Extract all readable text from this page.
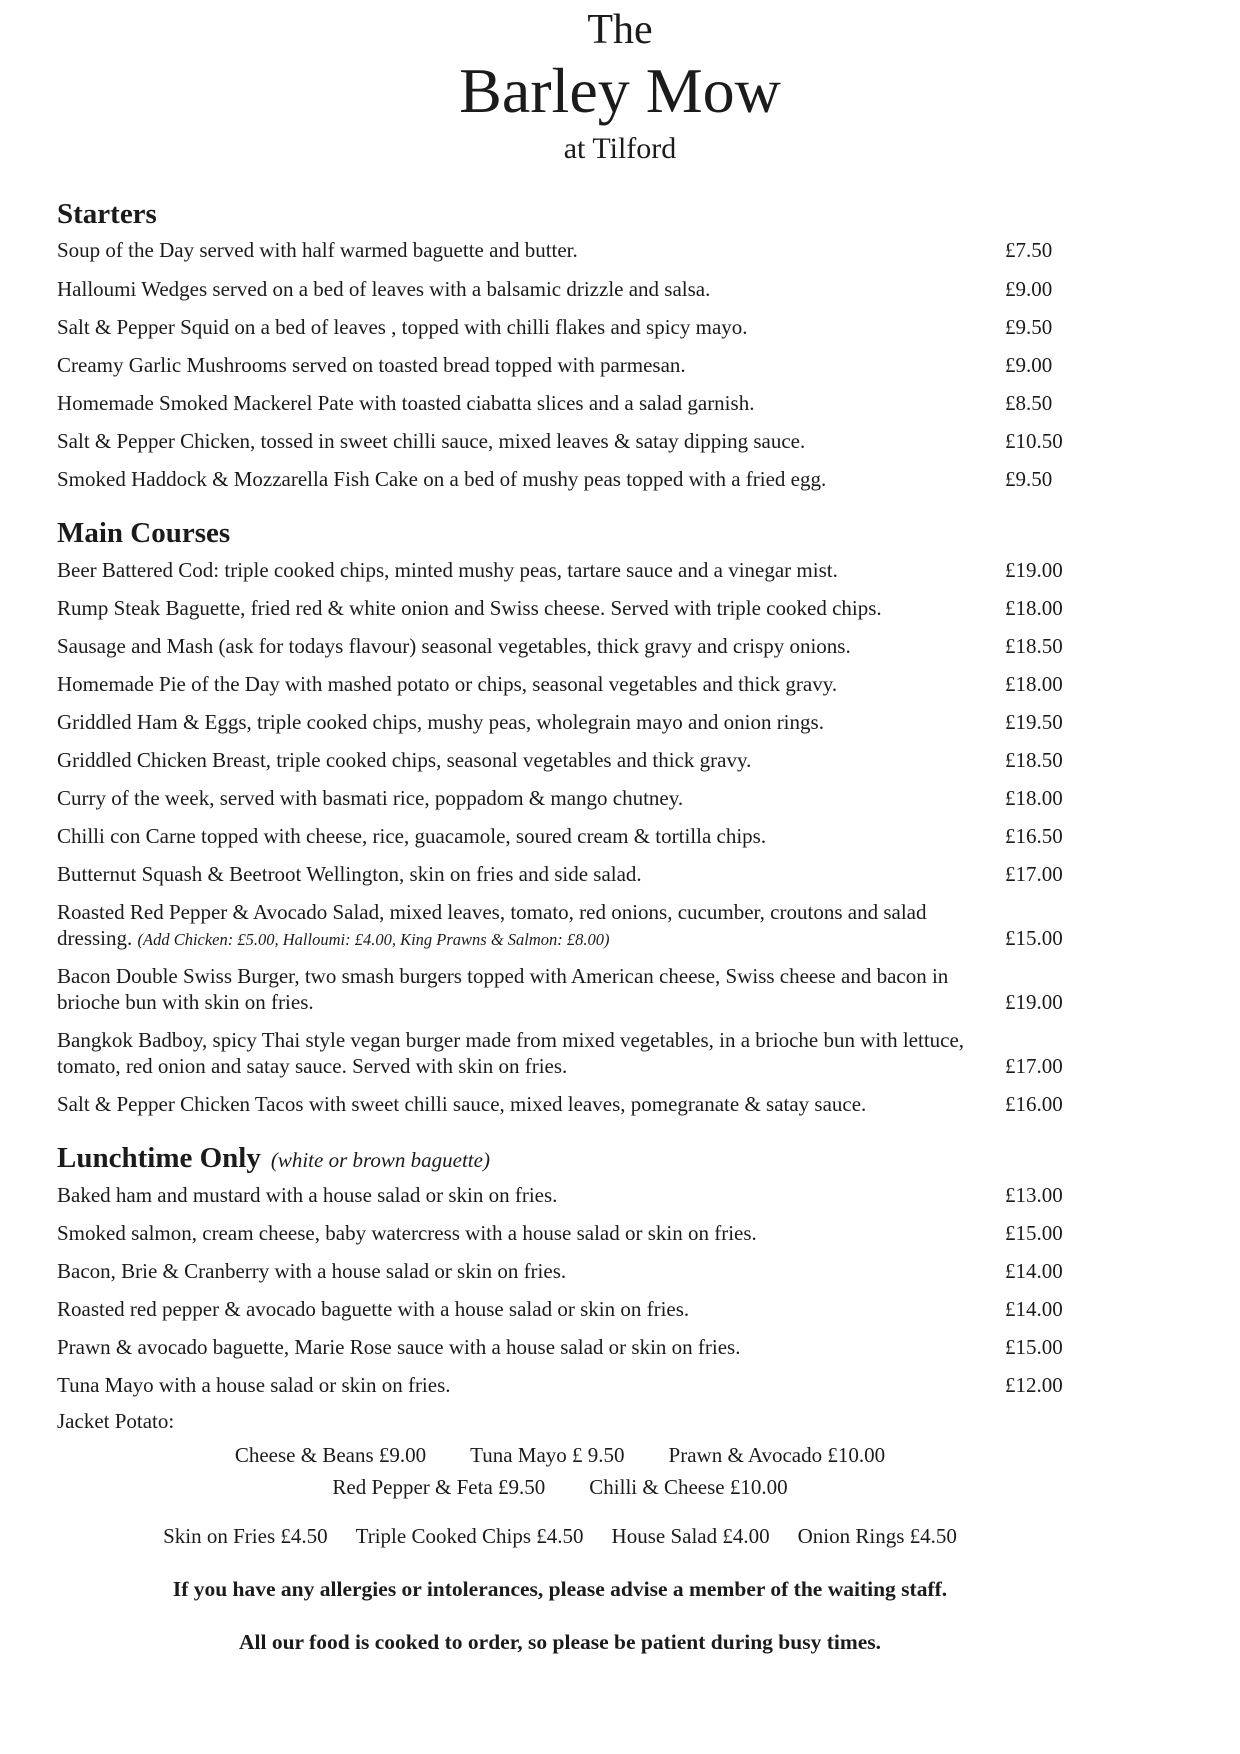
The
Barley Mow
at Tilford
Starters
Soup of the Day served with half warmed baguette and butter.	£7.50
Halloumi Wedges served on a bed of leaves with a balsamic drizzle and salsa.	£9.00
Salt & Pepper Squid on a bed of leaves , topped with chilli flakes and spicy mayo.	£9.50
Creamy Garlic Mushrooms served on toasted bread topped with parmesan.	£9.00
Homemade Smoked Mackerel Pate with toasted ciabatta slices and a salad garnish.	£8.50
Salt & Pepper Chicken, tossed in sweet chilli sauce, mixed leaves & satay dipping sauce.	£10.50
Smoked Haddock & Mozzarella Fish Cake on a bed of mushy peas topped with a fried egg.	£9.50
Main Courses
Beer Battered Cod: triple cooked chips, minted mushy peas, tartare sauce and a vinegar mist.	£19.00
Rump Steak Baguette, fried red & white onion and Swiss cheese. Served with triple cooked chips.	£18.00
Sausage and Mash (ask for todays flavour) seasonal vegetables, thick gravy and crispy onions.	£18.50
Homemade Pie of the Day with mashed potato or chips, seasonal vegetables and thick gravy.	£18.00
Griddled Ham & Eggs, triple cooked chips, mushy peas, wholegrain mayo and onion rings.	£19.50
Griddled Chicken Breast, triple cooked chips, seasonal vegetables and thick gravy.	£18.50
Curry of the week, served with basmati rice, poppadom & mango chutney.	£18.00
Chilli con Carne topped with cheese, rice, guacamole, soured cream & tortilla chips.	£16.50
Butternut Squash & Beetroot Wellington, skin on fries and side salad.	£17.00
Roasted Red Pepper & Avocado Salad, mixed leaves, tomato, red onions, cucumber, croutons and salad dressing. (Add Chicken: £5.00, Halloumi: £4.00, King Prawns & Salmon: £8.00)	£15.00
Bacon Double Swiss Burger, two smash burgers topped with American cheese, Swiss cheese and bacon in brioche bun with skin on fries.	£19.00
Bangkok Badboy, spicy Thai style vegan burger made from mixed vegetables, in a brioche bun with lettuce, tomato, red onion and satay sauce. Served with skin on fries.	£17.00
Salt & Pepper Chicken Tacos with sweet chilli sauce, mixed leaves, pomegranate & satay sauce.	£16.00
Lunchtime Only (white or brown baguette)
Baked ham and mustard with a house salad or skin on fries.	£13.00
Smoked salmon, cream cheese, baby watercress with a house salad or skin on fries.	£15.00
Bacon, Brie & Cranberry with a house salad or skin on fries.	£14.00
Roasted red pepper & avocado baguette with a house salad or skin on fries.	£14.00
Prawn & avocado baguette, Marie Rose sauce with a house salad or skin on fries.	£15.00
Tuna Mayo with a house salad or skin on fries.	£12.00
Jacket Potato:
Cheese & Beans £9.00 Tuna Mayo £ 9.50 Prawn & Avocado £10.00
Red Pepper & Feta £9.50 Chilli & Cheese £10.00
Skin on Fries £4.50 Triple Cooked Chips £4.50 House Salad £4.00 Onion Rings £4.50

If you have any allergies or intolerances, please advise a member of the waiting staff.

All our food is cooked to order, so please be patient during busy times.
